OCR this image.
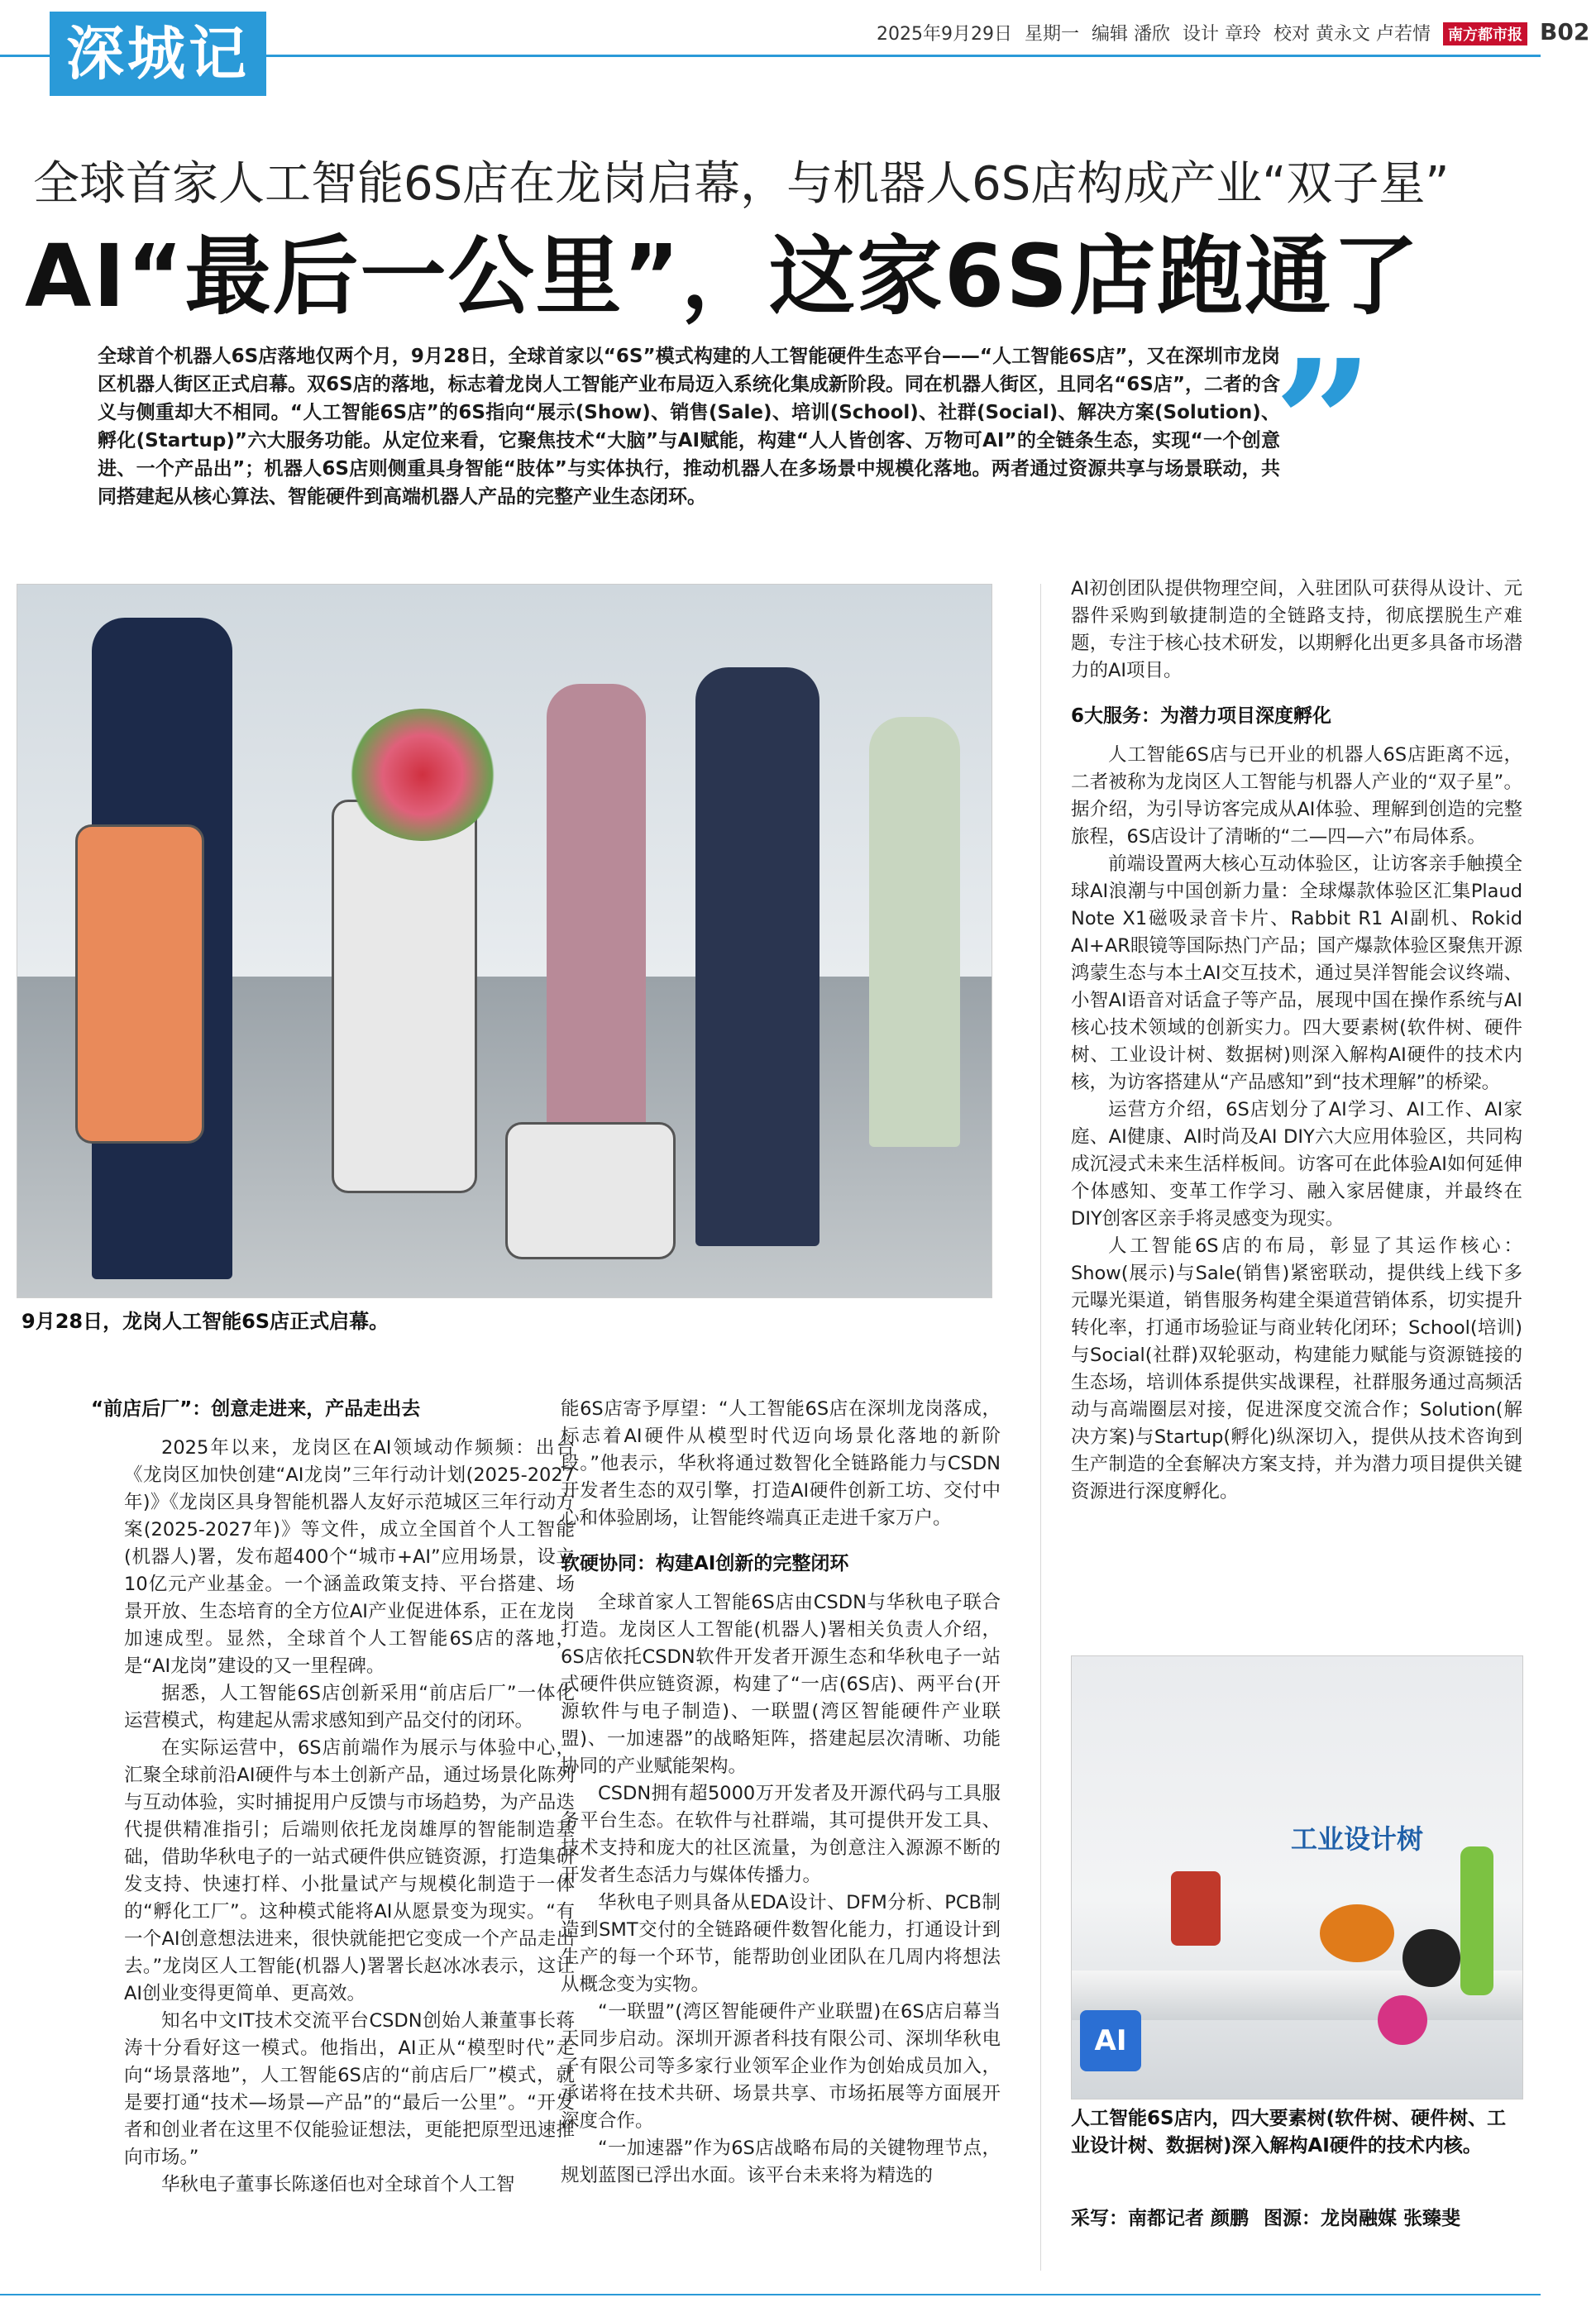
深城记	2025年9月29日 星期一 编辑 潘欣 设计 章玲 校对 黄永文 卢若情 南方都市报 B02
全球首家人工智能6S店在龙岗启幕，与机器人6S店构成产业“双子星”
AI“最后一公里”，这家6S店跑通了
全球首个机器人6S店落地仅两个月，9月28日，全球首家以“6S”模式构建的人工智能硬件生态平台——“人工智能6S店”，又在深圳市龙岗区机器人街区正式启幕。双6S店的落地，标志着龙岗人工智能产业布局迈入系统化集成新阶段。同在机器人街区，且同名“6S店”，二者的含义与侧重却大不相同。“人工智能6S店”的6S指向“展示(Show)、销售(Sale)、培训(School)、社群(Social)、解决方案(Solution)、孵化(Startup)”六大服务功能。从定位来看，它聚焦技术“大脑”与AI赋能，构建“人人皆创客、万物可AI”的全链条生态，实现“一个创意进、一个产品出”；机器人6S店则侧重具身智能“肢体”与实体执行，推动机器人在多场景中规模化落地。两者通过资源共享与场景联动，共同搭建起从核心算法、智能硬件到高端机器人产品的完整产业生态闭环。	”
9月28日，龙岗人工智能6S店正式启幕。

“前店后厂”：创意走进来，产品走出去

2025年以来，龙岗区在AI领域动作频频：出台《龙岗区加快创建“AI龙岗”三年行动计划(2025-2027年)》《龙岗区具身智能机器人友好示范城区三年行动方案(2025-2027年)》等文件，成立全国首个人工智能(机器人)署，发布超400个“城市+AI”应用场景，设立10亿元产业基金。一个涵盖政策支持、平台搭建、场景开放、生态培育的全方位AI产业促进体系，正在龙岗加速成型。显然，全球首个人工智能6S店的落地，是“AI龙岗”建设的又一里程碑。

据悉，人工智能6S店创新采用“前店后厂”一体化运营模式，构建起从需求感知到产品交付的闭环。

在实际运营中，6S店前端作为展示与体验中心，汇聚全球前沿AI硬件与本土创新产品，通过场景化陈列与互动体验，实时捕捉用户反馈与市场趋势，为产品迭代提供精准指引；后端则依托龙岗雄厚的智能制造基础，借助华秋电子的一站式硬件供应链资源，打造集研发支持、快速打样、小批量试产与规模化制造于一体的“孵化工厂”。这种模式能将AI从愿景变为现实。“有一个AI创意想法进来，很快就能把它变成一个产品走出去。”龙岗区人工智能(机器人)署署长赵冰冰表示，这让AI创业变得更简单、更高效。

知名中文IT技术交流平台CSDN创始人兼董事长蒋涛十分看好这一模式。他指出，AI正从“模型时代”走向“场景落地”，人工智能6S店的“前店后厂”模式，就是要打通“技术—场景—产品”的“最后一公里”。“开发者和创业者在这里不仅能验证想法，更能把原型迅速推向市场。”

华秋电子董事长陈遂佰也对全球首个人工智

能6S店寄予厚望：“人工智能6S店在深圳龙岗落成，标志着AI硬件从模型时代迈向场景化落地的新阶段。”他表示，华秋将通过数智化全链路能力与CSDN开发者生态的双引擎，打造AI硬件创新工坊、交付中心和体验剧场，让智能终端真正走进千家万户。

软硬协同：构建AI创新的完整闭环

全球首家人工智能6S店由CSDN与华秋电子联合打造。龙岗区人工智能(机器人)署相关负责人介绍，6S店依托CSDN软件开发者开源生态和华秋电子一站式硬件供应链资源，构建了“一店(6S店)、两平台(开源软件与电子制造)、一联盟(湾区智能硬件产业联盟)、一加速器”的战略矩阵，搭建起层次清晰、功能协同的产业赋能架构。

CSDN拥有超5000万开发者及开源代码与工具服务平台生态。在软件与社群端，其可提供开发工具、技术支持和庞大的社区流量，为创意注入源源不断的开发者生态活力与媒体传播力。

华秋电子则具备从EDA设计、DFM分析、PCB制造到SMT交付的全链路硬件数智化能力，打通设计到生产的每一个环节，能帮助创业团队在几周内将想法从概念变为实物。

“一联盟”(湾区智能硬件产业联盟)在6S店启幕当天同步启动。深圳开源者科技有限公司、深圳华秋电子有限公司等多家行业领军企业作为创始成员加入，承诺将在技术共研、场景共享、市场拓展等方面展开深度合作。

“一加速器”作为6S店战略布局的关键物理节点，规划蓝图已浮出水面。该平台未来将为精选的

AI初创团队提供物理空间，入驻团队可获得从设计、元器件采购到敏捷制造的全链路支持，彻底摆脱生产难题，专注于核心技术研发，以期孵化出更多具备市场潜力的AI项目。

6大服务：为潜力项目深度孵化

人工智能6S店与已开业的机器人6S店距离不远，二者被称为龙岗区人工智能与机器人产业的“双子星”。据介绍，为引导访客完成从AI体验、理解到创造的完整旅程，6S店设计了清晰的“二—四—六”布局体系。

前端设置两大核心互动体验区，让访客亲手触摸全球AI浪潮与中国创新力量：全球爆款体验区汇集Plaud Note X1磁吸录音卡片、Rabbit R1 AI副机、Rokid AI+AR眼镜等国际热门产品；国产爆款体验区聚焦开源鸿蒙生态与本土AI交互技术，通过昊洋智能会议终端、小智AI语音对话盒子等产品，展现中国在操作系统与AI核心技术领域的创新实力。四大要素树(软件树、硬件树、工业设计树、数据树)则深入解构AI硬件的技术内核，为访客搭建从“产品感知”到“技术理解”的桥梁。

运营方介绍，6S店划分了AI学习、AI工作、AI家庭、AI健康、AI时尚及AI DIY六大应用体验区，共同构成沉浸式未来生活样板间。访客可在此体验AI如何延伸个体感知、变革工作学习、融入家居健康，并最终在DIY创客区亲手将灵感变为现实。

人工智能6S店的布局，彰显了其运作核心：Show(展示)与Sale(销售)紧密联动，提供线上线下多元曝光渠道，销售服务构建全渠道营销体系，切实提升转化率，打通市场验证与商业转化闭环；School(培训)与Social(社群)双轮驱动，构建能力赋能与资源链接的生态场，培训体系提供实战课程，社群服务通过高频活动与高端圈层对接，促进深度交流合作；Solution(解决方案)与Startup(孵化)纵深切入，提供从技术咨询到生产制造的全套解决方案支持，并为潜力项目提供关键资源进行深度孵化。

工业设计树
AI
人工智能6S店内，四大要素树(软件树、硬件树、工业设计树、数据树)深入解构AI硬件的技术内核。
采写：南都记者 颜鹏 图源：龙岗融媒 张臻斐
